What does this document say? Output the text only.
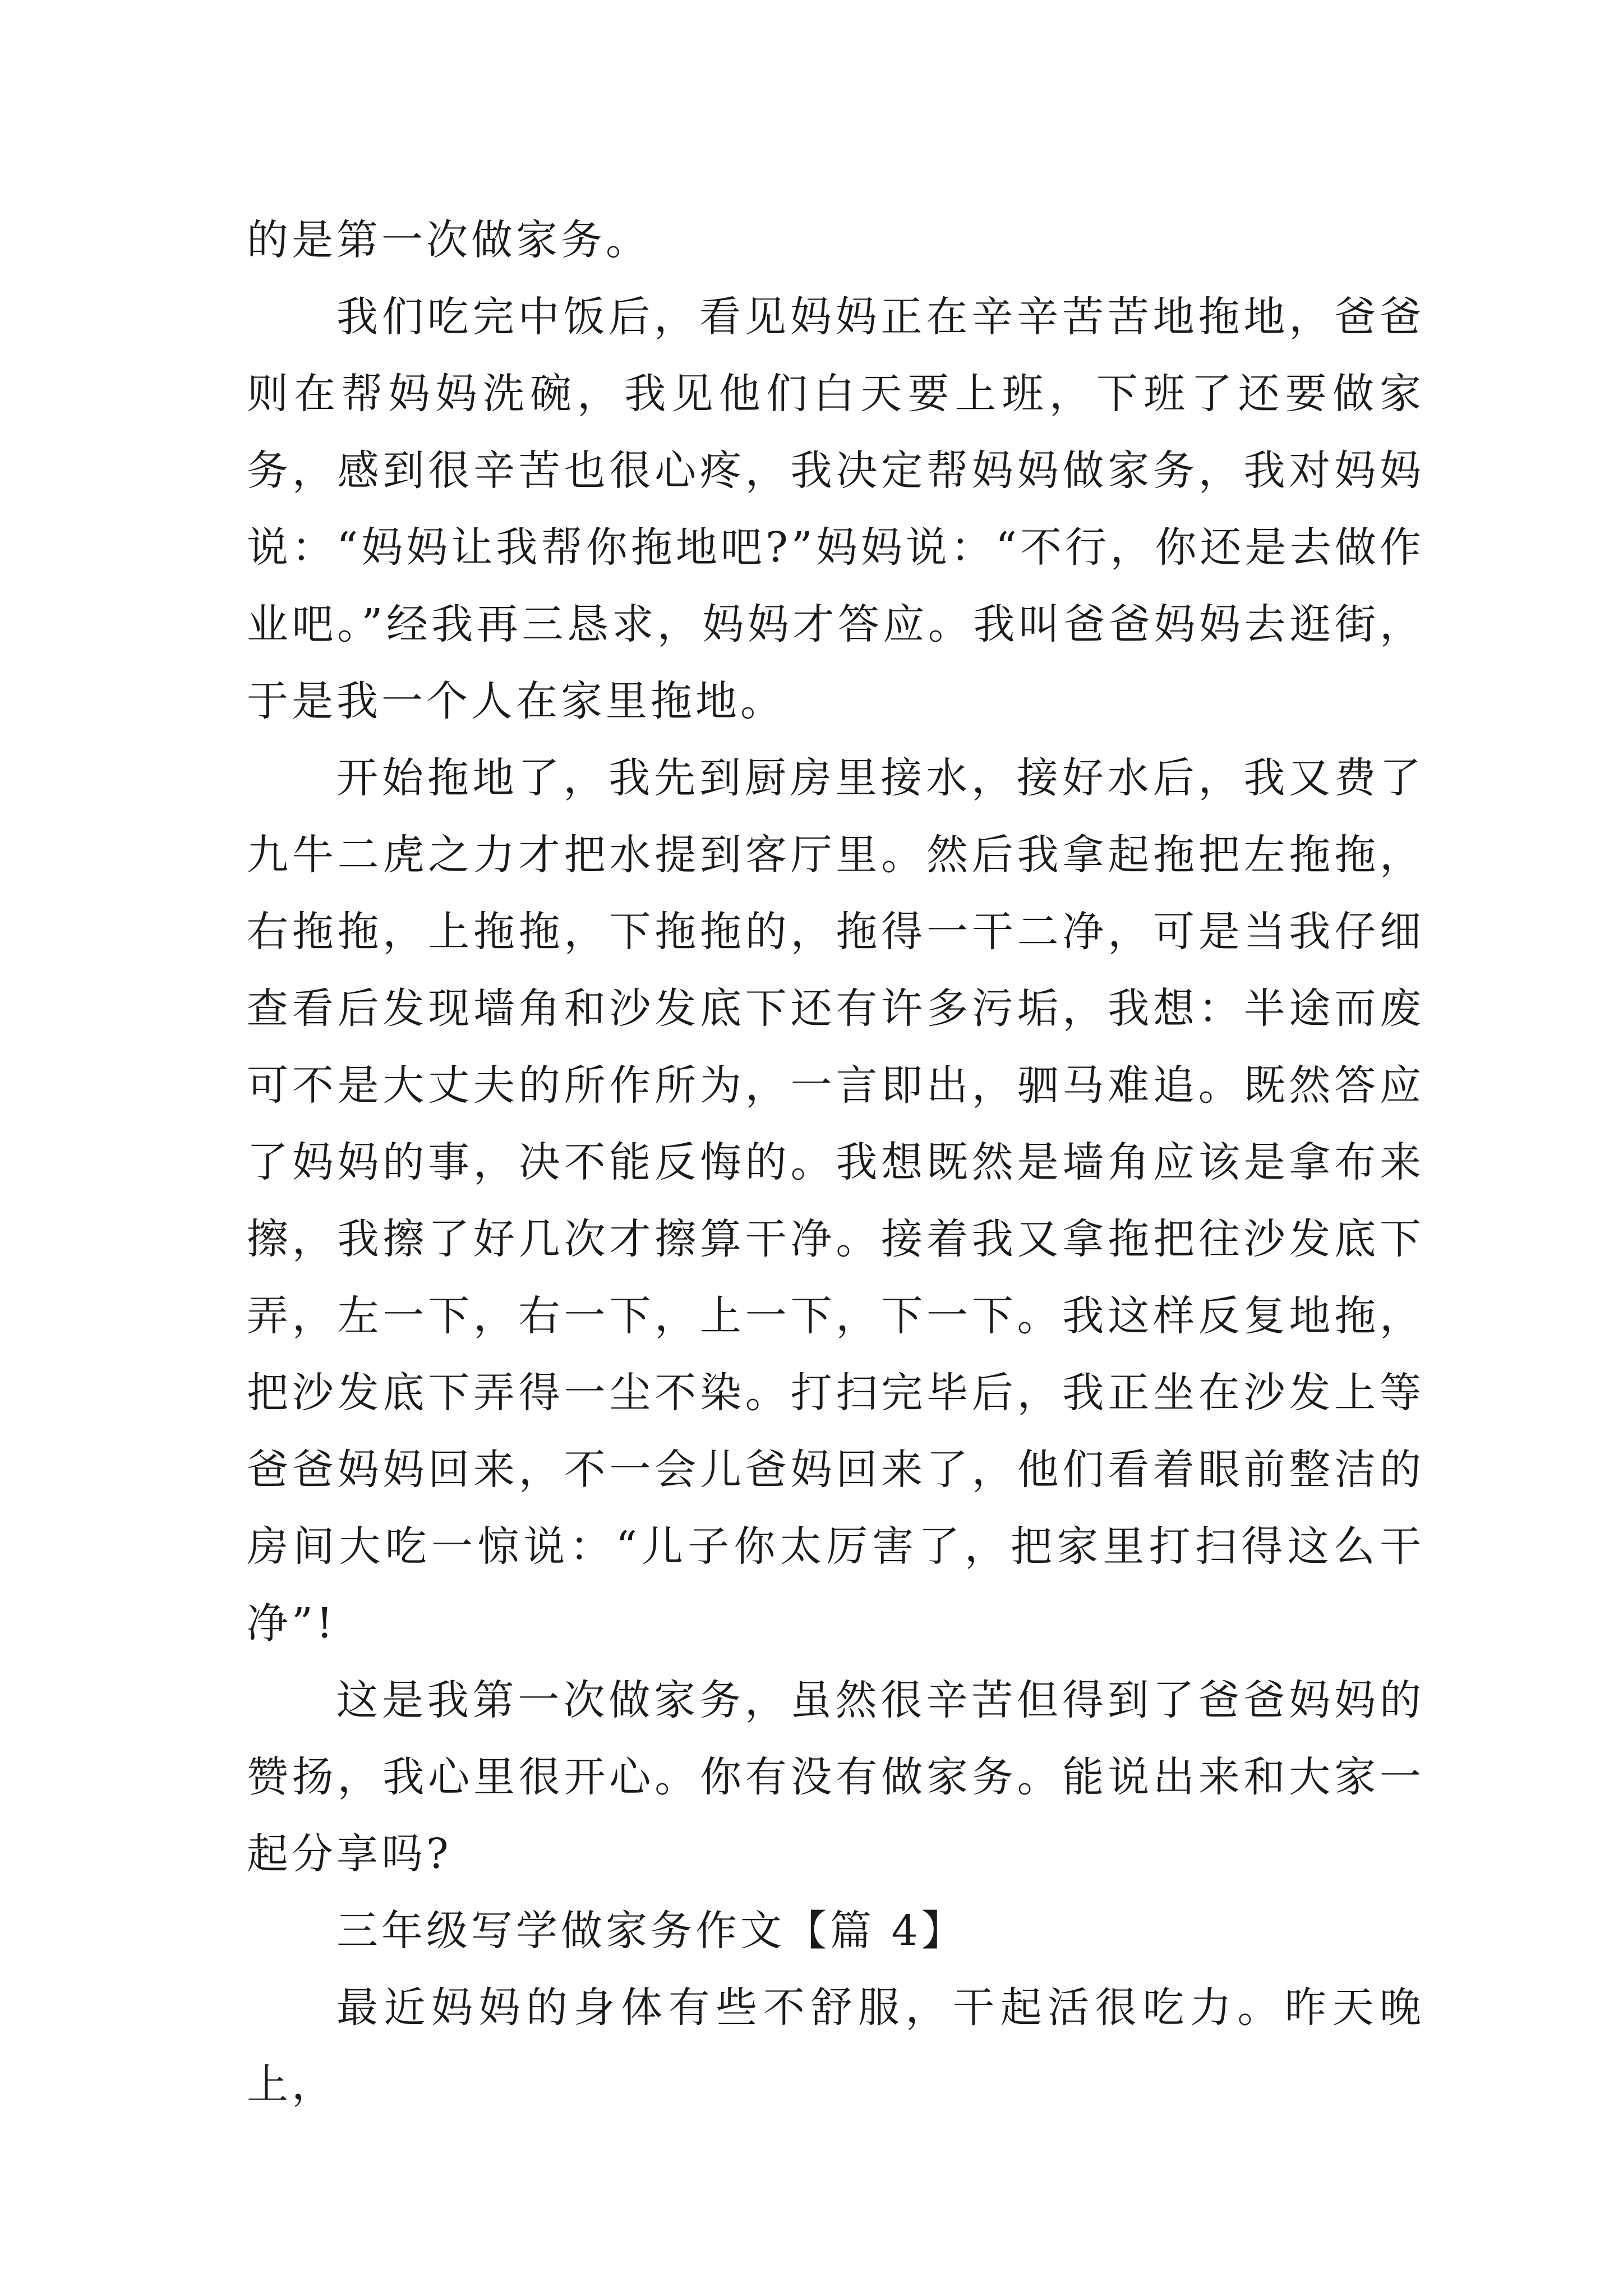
的是第一次做家务。

我们吃完中饭后，看见妈妈正在辛辛苦苦地拖地，爸爸则在帮妈妈洗碗，我见他们白天要上班，下班了还要做家务，感到很辛苦也很心疼，我决定帮妈妈做家务，我对妈妈说：“妈妈让我帮你拖地吧?”妈妈说：“不行，你还是去做作业吧。”经我再三恳求，妈妈才答应。我叫爸爸妈妈去逛街，于是我一个人在家里拖地。

开始拖地了，我先到厨房里接水，接好水后，我又费了九牛二虎之力才把水提到客厅里。然后我拿起拖把左拖拖，右拖拖，上拖拖，下拖拖的，拖得一干二净，可是当我仔细查看后发现墙角和沙发底下还有许多污垢，我想：半途而废可不是大丈夫的所作所为，一言即出，驷马难追。既然答应了妈妈的事，决不能反悔的。我想既然是墙角应该是拿布来擦，我擦了好几次才擦算干净。接着我又拿拖把往沙发底下弄，左一下，右一下，上一下，下一下。我这样反复地拖，把沙发底下弄得一尘不染。打扫完毕后，我正坐在沙发上等爸爸妈妈回来，不一会儿爸妈回来了，他们看着眼前整洁的房间大吃一惊说：“儿子你太厉害了，把家里打扫得这么干净”!

这是我第一次做家务，虽然很辛苦但得到了爸爸妈妈的赞扬，我心里很开心。你有没有做家务。能说出来和大家一起分享吗?

三年级写学做家务作文【篇 4】

最近妈妈的身体有些不舒服，干起活很吃力。昨天晚上，
